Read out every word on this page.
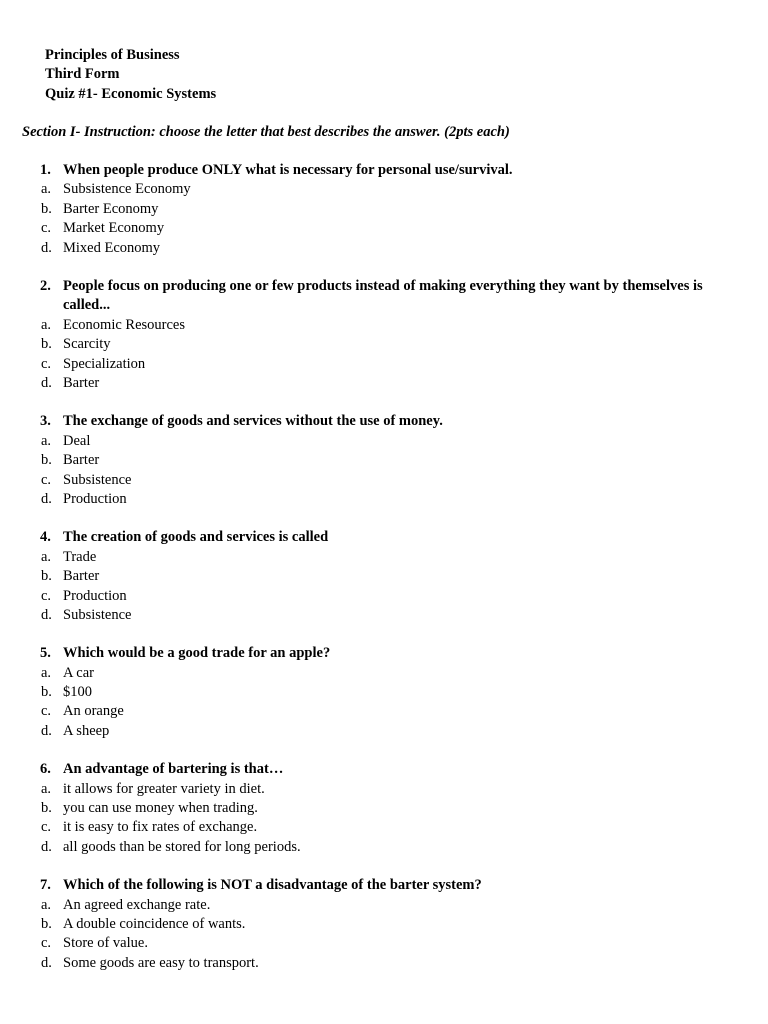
Principles of Business
Third Form
Quiz #1- Economic Systems
Section I- Instruction: choose the letter that best describes the answer. (2pts each)
1. When people produce ONLY what is necessary for personal use/survival.
a. Subsistence Economy
b. Barter Economy
c. Market Economy
d. Mixed Economy
2. People focus on producing one or few products instead of making everything they want by themselves is called...
a. Economic Resources
b. Scarcity
c. Specialization
d. Barter
3. The exchange of goods and services without the use of money.
a. Deal
b. Barter
c. Subsistence
d. Production
4. The creation of goods and services is called
a. Trade
b. Barter
c. Production
d. Subsistence
5. Which would be a good trade for an apple?
a. A car
b. $100
c. An orange
d. A sheep
6. An advantage of bartering is that…
a. it allows for greater variety in diet.
b. you can use money when trading.
c. it is easy to fix rates of exchange.
d. all goods than be stored for long periods.
7. Which of the following is NOT a disadvantage of the barter system?
a. An agreed exchange rate.
b. A double coincidence of wants.
c. Store of value.
d. Some goods are easy to transport.
